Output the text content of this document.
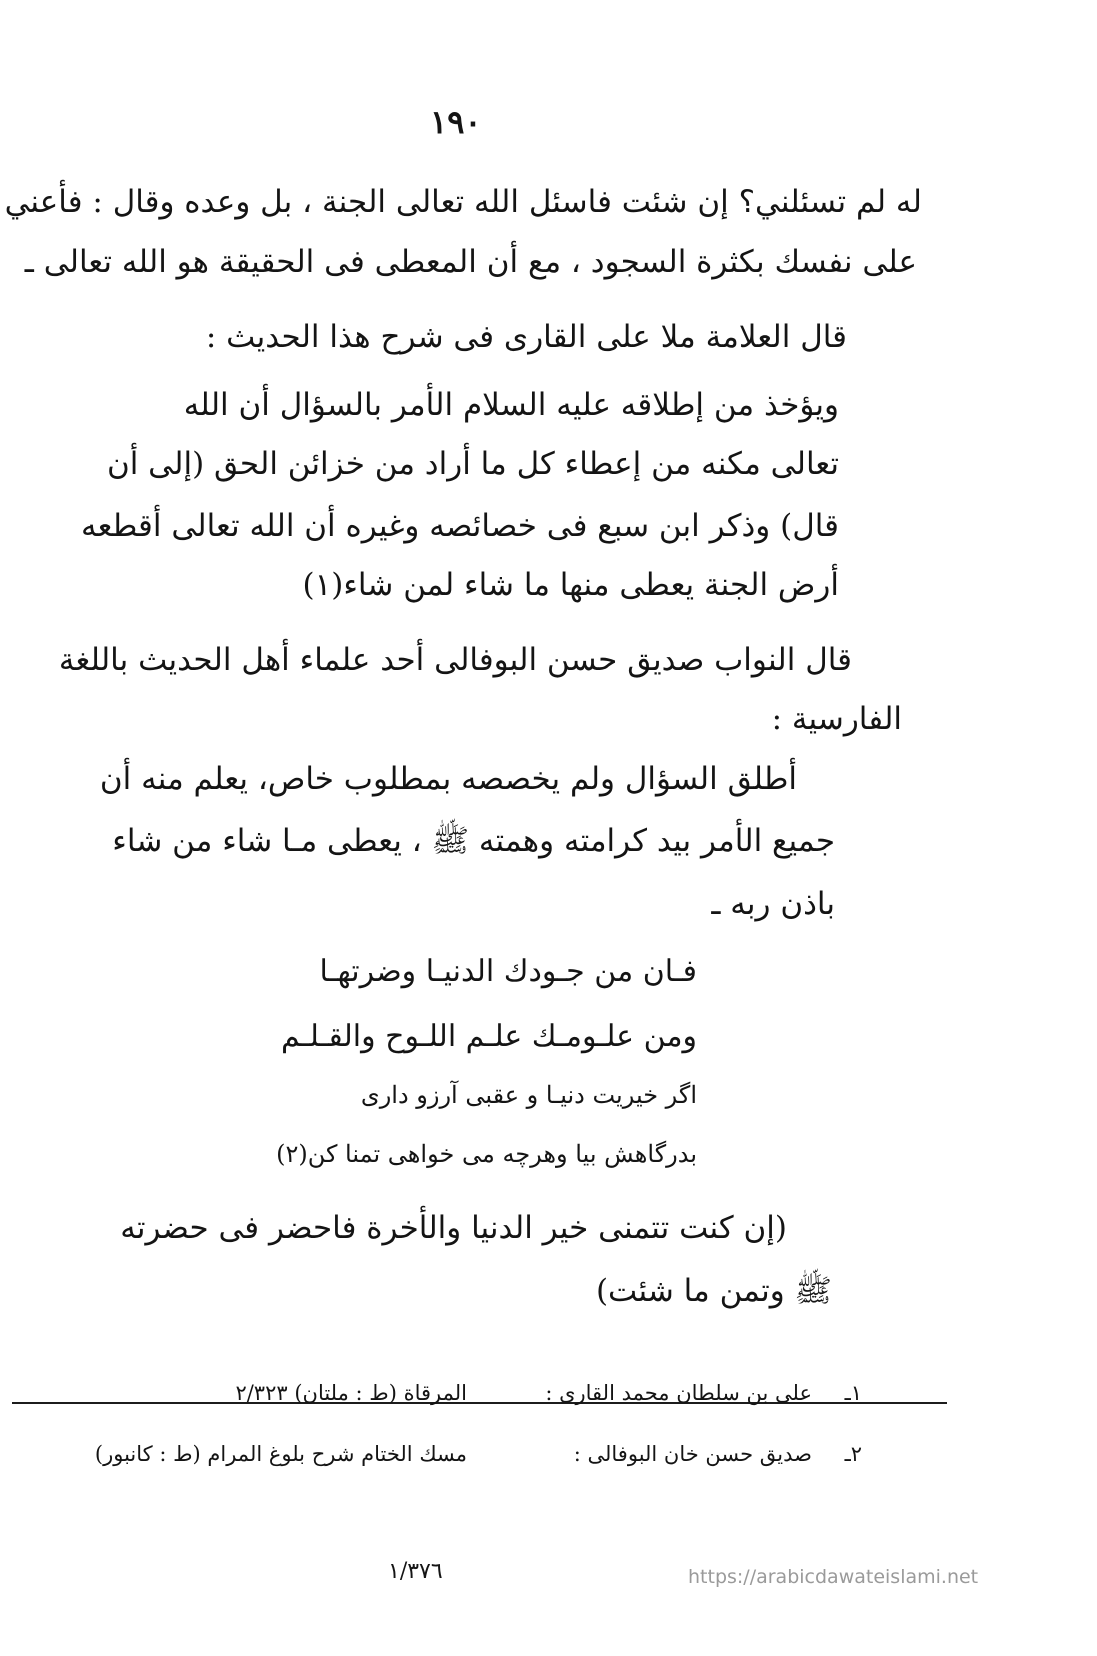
١٩٠
له لم تسئلني؟ إن شئت فاسئل الله تعالى الجنة ، بل وعده وقال : فأعني
على نفسك بكثرة السجود ، مع أن المعطى فى الحقيقة هو الله تعالى ـ
قال العلامة ملا على القارى فى شرح هذا الحديث :
ويؤخذ من إطلاقه عليه السلام الأمر بالسؤال أن الله
تعالى مكنه من إعطاء كل ما أراد من خزائن الحق (إلى أن
قال) وذكر ابن سبع فى خصائصه وغيره أن الله تعالى أقطعه
أرض الجنة يعطى منها ما شاء لمن شاء(١)
قال النواب صديق حسن البوفالى أحد علماء أهل الحديث باللغة
الفارسية :
أطلق السؤال ولم يخصصه بمطلوب خاص، يعلم منه أن
جميع الأمر بيد كرامته وهمته ﷺ ، يعطى مـا شاء من شاء
باذن ربه ـ
فـان من جـودك الدنيـا وضرتهـا
ومن علـومـك علـم اللـوح والقـلـم
اگر خيريت دنيـا و عقبى آرزو دارى
بدرگاهش بيا وهرچه مى خواهى تمنا كن(٢)
(إن كنت تتمنى خير الدنيا والأخرة فاحضر فى حضرته
ﷺ وتمن ما شئت)
١ـ
على بن سلطان محمد القارى :
المرقاة (ط : ملتان) ٢/٣٢٣
٢ـ
صديق حسن خان البوفالى :
مسك الختام شرح بلوغ المرام (ط : كانبور)
١/٣٧٦	https://arabicdawateislami.net
